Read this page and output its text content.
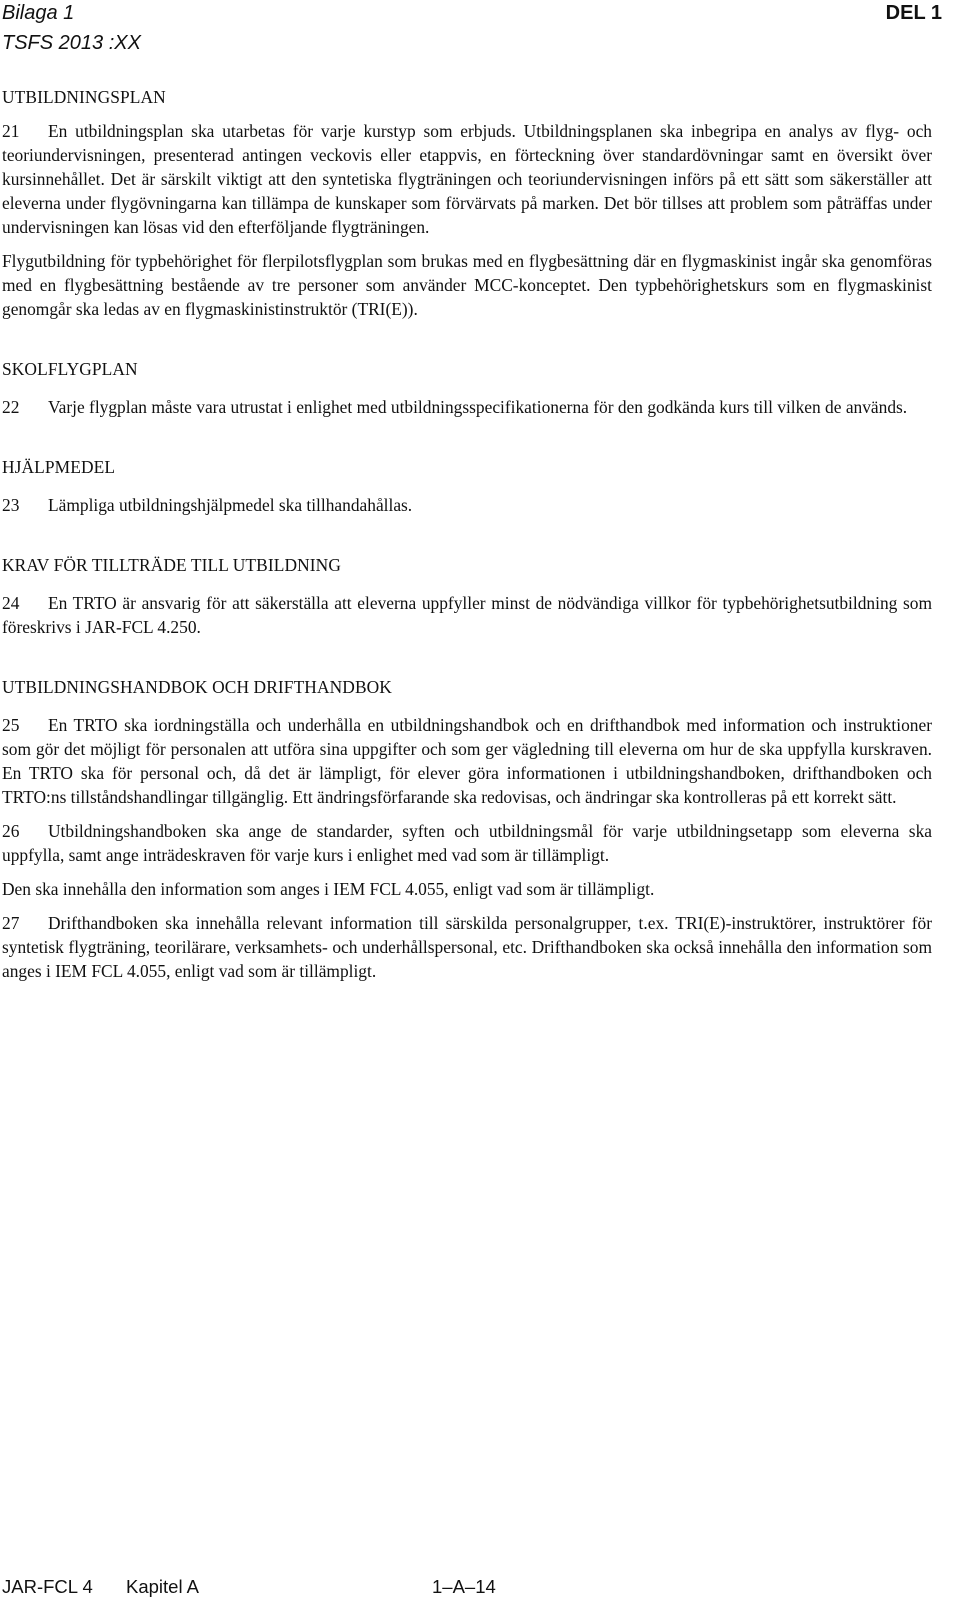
Bilaga 1
TSFS 2013 :XX
DEL 1
UTBILDNINGSPLAN

21 En utbildningsplan ska utarbetas för varje kurstyp som erbjuds. Utbildningsplanen ska inbegripa en analys av flyg- och teoriundervisningen, presenterad antingen veckovis eller etappvis, en förteckning över standardövningar samt en översikt över kursinnehållet. Det är särskilt viktigt att den syntetiska flygträningen och teoriundervisningen införs på ett sätt som säkerställer att eleverna under flygövningarna kan tillämpa de kunskaper som förvärvats på marken. Det bör tillses att problem som påträffas under undervisningen kan lösas vid den efterföljande flygträningen.

Flygutbildning för typbehörighet för flerpilotsflygplan som brukas med en flygbesättning där en flygmaskinist ingår ska genomföras med en flygbesättning bestående av tre personer som använder MCC-konceptet. Den typbehörighetskurs som en flygmaskinist genomgår ska ledas av en flygmaskinistinstruktör (TRI(E)).

SKOLFLYGPLAN

22 Varje flygplan måste vara utrustat i enlighet med utbildningsspecifikationerna för den godkända kurs till vilken de används.

HJÄLPMEDEL

23 Lämpliga utbildningshjälpmedel ska tillhandahållas.

KRAV FÖR TILLTRÄDE TILL UTBILDNING

24 En TRTO är ansvarig för att säkerställa att eleverna uppfyller minst de nödvändiga villkor för typbehörighetsutbildning som föreskrivs i JAR-FCL 4.250.

UTBILDNINGSHANDBOK OCH DRIFTHANDBOK

25 En TRTO ska iordningställa och underhålla en utbildningshandbok och en drifthandbok med information och instruktioner som gör det möjligt för personalen att utföra sina uppgifter och som ger vägledning till eleverna om hur de ska uppfylla kurskraven. En TRTO ska för personal och, då det är lämpligt, för elever göra informationen i utbildningshandboken, drifthandboken och TRTO:ns tillståndshandlingar tillgänglig. Ett ändringsförfarande ska redovisas, och ändringar ska kontrolleras på ett korrekt sätt.

26 Utbildningshandboken ska ange de standarder, syften och utbildningsmål för varje utbildningsetapp som eleverna ska uppfylla, samt ange inträdeskraven för varje kurs i enlighet med vad som är tillämpligt.

Den ska innehålla den information som anges i IEM FCL 4.055, enligt vad som är tillämpligt.

27 Drifthandboken ska innehålla relevant information till särskilda personalgrupper, t.ex. TRI(E)-instruktörer, instruktörer för syntetisk flygträning, teorilärare, verksamhets- och underhållspersonal, etc. Drifthandboken ska också innehålla den information som anges i IEM FCL 4.055, enligt vad som är tillämpligt.

JAR-FCL 4 Kapitel A	1–A–14
